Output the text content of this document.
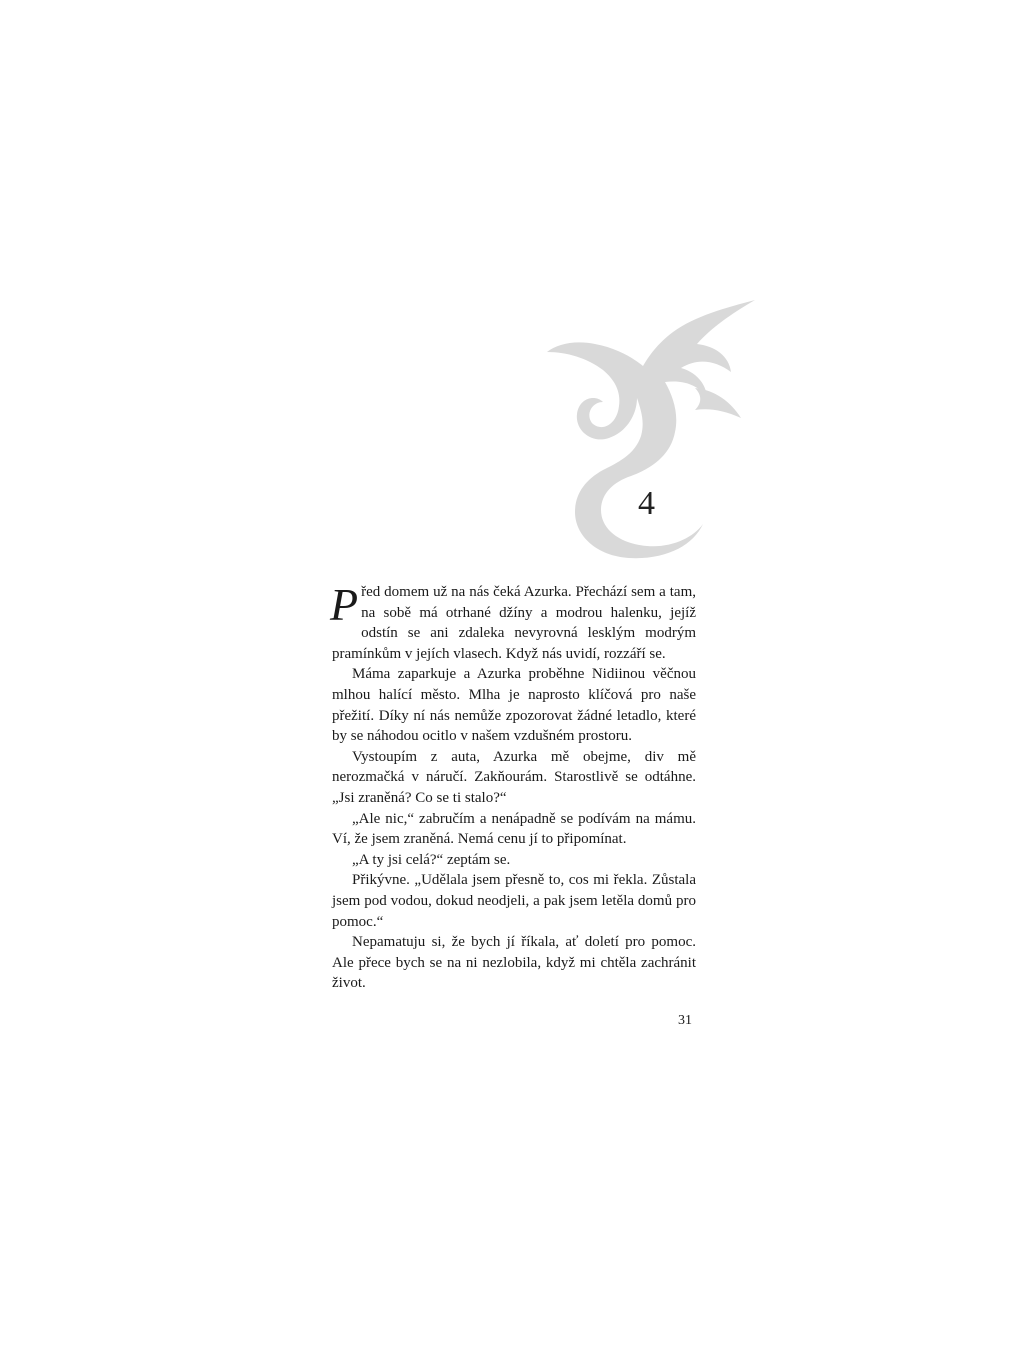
4

Před domem už na nás čeká Azurka. Přechází sem a tam, na sobě má otrhané džíny a modrou halenku, jejíž odstín se ani zdaleka nevyrovná lesklým modrým pramínkům v jejích vlasech. Když nás uvidí, rozzáří se.

Máma zaparkuje a Azurka proběhne Nidiinou věčnou mlhou halící město. Mlha je naprosto klíčová pro naše přežití. Díky ní nás nemůže zpozorovat žádné letadlo, které by se náhodou ocitlo v našem vzdušném prostoru.

Vystoupím z auta, Azurka mě obejme, div mě nerozmačká v náručí. Zakňourám. Starostlivě se odtáhne. „Jsi zraněná? Co se ti stalo?“

„Ale nic,“ zabručím a nenápadně se podívám na mámu. Ví, že jsem zraněná. Nemá cenu jí to připomínat.

„A ty jsi celá?“ zeptám se.

Přikývne. „Udělala jsem přesně to, cos mi řekla. Zůstala jsem pod vodou, dokud neodjeli, a pak jsem letěla domů pro pomoc.“

Nepamatuju si, že bych jí říkala, ať doletí pro pomoc. Ale přece bych se na ni nezlobila, když mi chtěla zachránit život.

31
